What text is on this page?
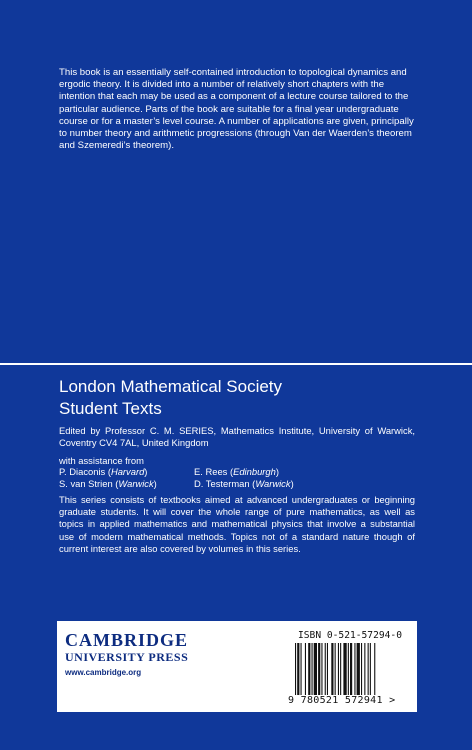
This book is an essentially self-contained introduction to topological dynamics and ergodic theory. It is divided into a number of relatively short chapters with the intention that each may be used as a component of a lecture course tailored to the particular audience. Parts of the book are suitable for a final year undergraduate course or for a master’s level course. A number of applications are given, principally to number theory and arithmetic progressions (through Van der Waerden’s theorem and Szemeredi’s theorem).
London Mathematical Society
Student Texts
Edited by Professor C. M. SERIES, Mathematics Institute, University of Warwick, Coventry CV4 7AL, United Kingdom
with assistance from
P. Diaconis (Harvard)	E. Rees (Edinburgh)
S. van Strien (Warwick)	D. Testerman (Warwick)
This series consists of textbooks aimed at advanced undergraduates or beginning graduate students. It will cover the whole range of pure mathematics, as well as topics in applied mathematics and mathematical physics that involve a substantial use of modern mathematical methods. Topics not of a standard nature though of current interest are also covered by volumes in this series.
CAMBRIDGE
UNIVERSITY PRESS
www.cambridge.org
ISBN 0-521-57294-0
9 780521 572941 >
